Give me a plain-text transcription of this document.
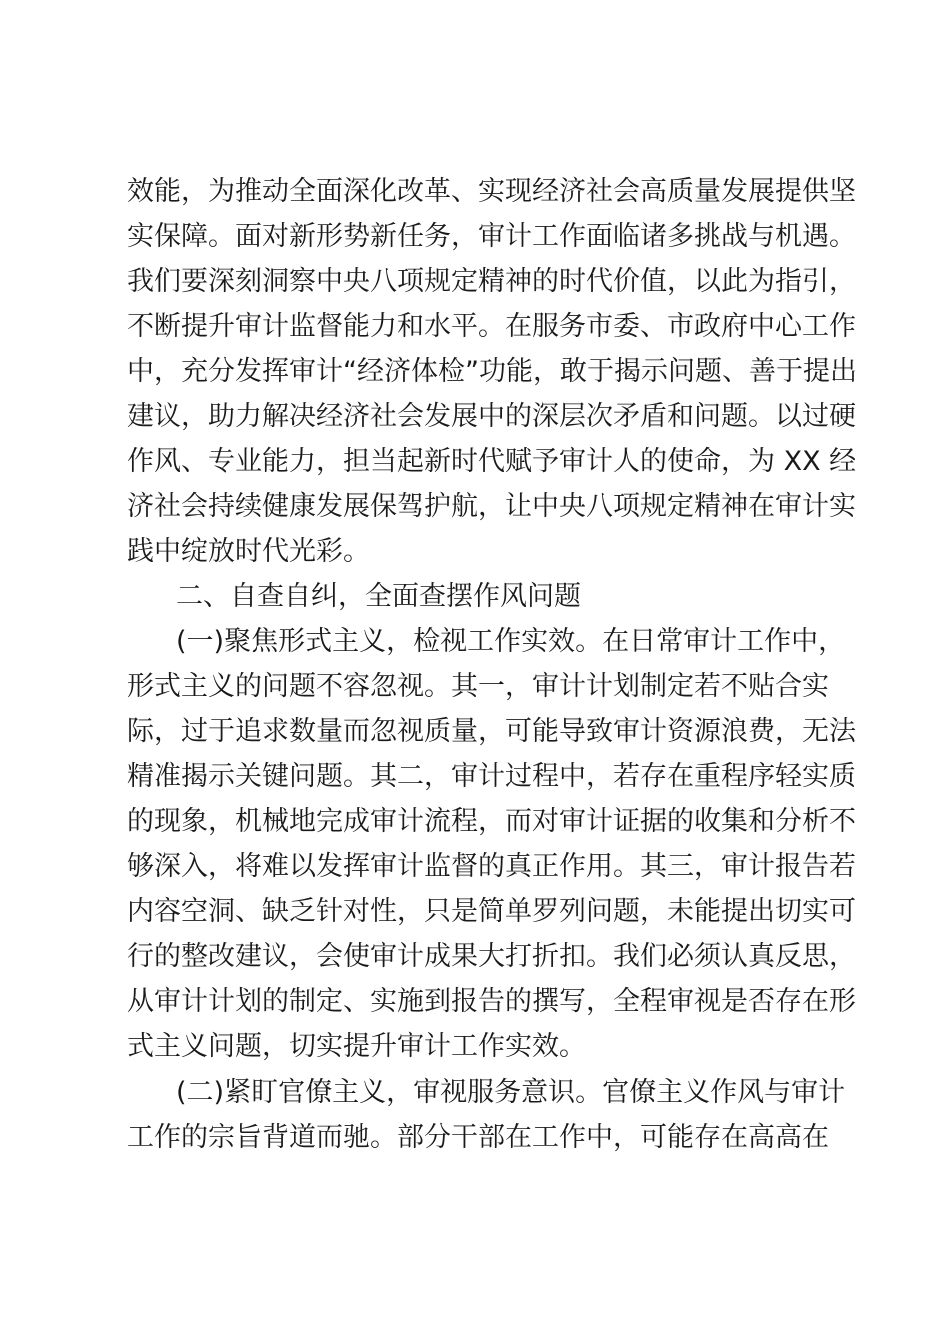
效能，为推动全面深化改革、实现经济社会高质量发展提供坚
实保障。面对新形势新任务，审计工作面临诸多挑战与机遇。
我们要深刻洞察中央八项规定精神的时代价值，以此为指引，
不断提升审计监督能力和水平。在服务市委、市政府中心工作
中，充分发挥审计“经济体检”功能，敢于揭示问题、善于提出
建议，助力解决经济社会发展中的深层次矛盾和问题。以过硬
作风、专业能力，担当起新时代赋予审计人的使命，为 XX 经
济社会持续健康发展保驾护航，让中央八项规定精神在审计实
践中绽放时代光彩。
二、自查自纠，全面查摆作风问题
(一)聚焦形式主义，检视工作实效。在日常审计工作中，
形式主义的问题不容忽视。其一，审计计划制定若不贴合实
际，过于追求数量而忽视质量，可能导致审计资源浪费，无法
精准揭示关键问题。其二，审计过程中，若存在重程序轻实质
的现象，机械地完成审计流程，而对审计证据的收集和分析不
够深入，将难以发挥审计监督的真正作用。其三，审计报告若
内容空洞、缺乏针对性，只是简单罗列问题，未能提出切实可
行的整改建议，会使审计成果大打折扣。我们必须认真反思，
从审计计划的制定、实施到报告的撰写，全程审视是否存在形
式主义问题，切实提升审计工作实效。
(二)紧盯官僚主义，审视服务意识。官僚主义作风与审计
工作的宗旨背道而驰。部分干部在工作中，可能存在高高在
